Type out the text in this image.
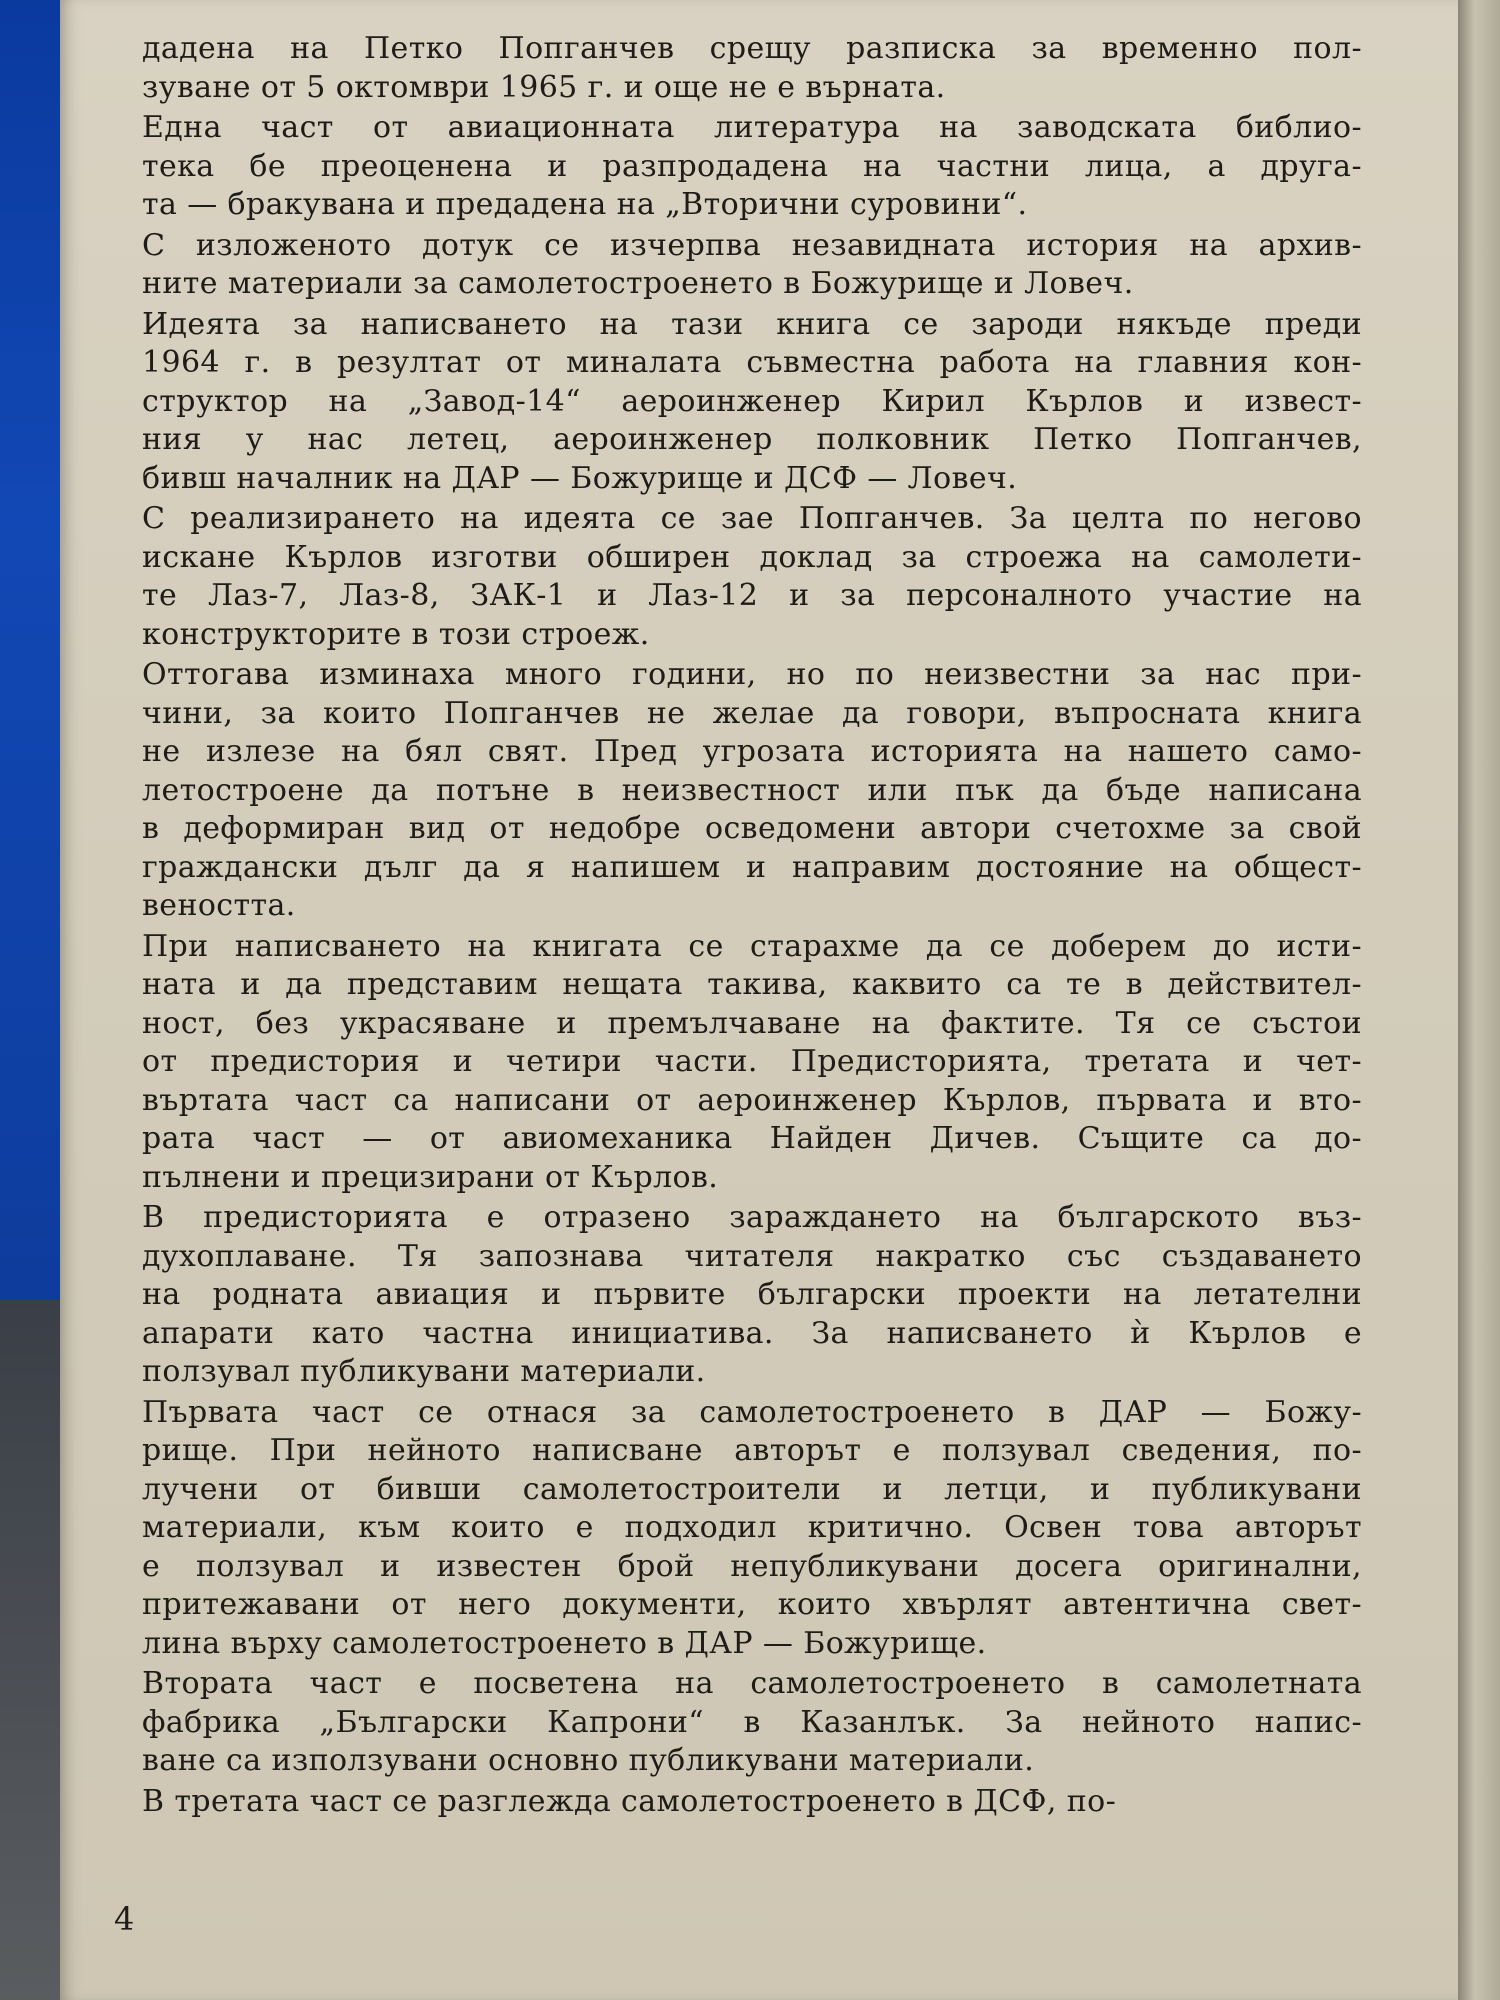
дадена на Петко Попганчев срещу разписка за временно пол-
зуване от 5 октомври 1965 г. и още не е върната.
Една част от авиационната литература на заводската библио-
тека бе преоценена и разпродадена на частни лица, а друга-
та — бракувана и предадена на „Вторични суровини“.
С изложеното дотук се изчерпва незавидната история на архив-
ните материали за самолетостроенето в Божурище и Ловеч.
Идеята за написването на тази книга се зароди някъде преди
1964 г. в резултат от миналата съвместна работа на главния кон-
структор на „Завод-14“ аероинженер Кирил Кърлов и извест-
ния у нас летец, аероинженер полковник Петко Попганчев,
бивш началник на ДАР — Божурище и ДСФ — Ловеч.
С реализирането на идеята се зае Попганчев. За целта по негово
искане Кърлов изготви обширен доклад за строежа на самолети-
те Лаз-7, Лаз-8, ЗАК-1 и Лаз-12 и за персоналното участие на
конструкторите в този строеж.
Оттогава изминаха много години, но по неизвестни за нас при-
чини, за които Попганчев не желае да говори, въпросната книга
не излезе на бял свят. Пред угрозата историята на нашето само-
летостроене да потъне в неизвестност или пък да бъде написана
в деформиран вид от недобре осведомени автори счетохме за свой
граждански дълг да я напишем и направим достояние на общест-
веността.
При написването на книгата се старахме да се доберем до исти-
ната и да представим нещата такива, каквито са те в действител-
ност, без украсяване и премълчаване на фактите. Тя се състои
от предистория и четири части. Предисторията, третата и чет-
въртата част са написани от аероинженер Кърлов, първата и вто-
рата част — от авиомеханика Найден Дичев. Същите са до-
пълнени и прецизирани от Кърлов.
В предисторията е отразено зараждането на българското въз-
духоплаване. Тя запознава читателя накратко със създаването
на родната авиация и първите български проекти на летателни
апарати като частна инициатива. За написването ѝ Кърлов е
ползувал публикувани материали.
Първата част се отнася за самолетостроенето в ДАР — Божу-
рище. При нейното написване авторът е ползувал сведения, по-
лучени от бивши самолетостроители и летци, и публикувани
материали, към които е подходил критично. Освен това авторът
е ползувал и известен брой непубликувани досега оригинални,
притежавани от него документи, които хвърлят автентична свет-
лина върху самолетостроенето в ДАР — Божурище.
Втората част е посветена на самолетостроенето в самолетната
фабрика „Български Капрони“ в Казанлък. За нейното напис-
ване са използувани основно публикувани материали.
В третата част се разглежда самолетостроенето в ДСФ, по-
4
